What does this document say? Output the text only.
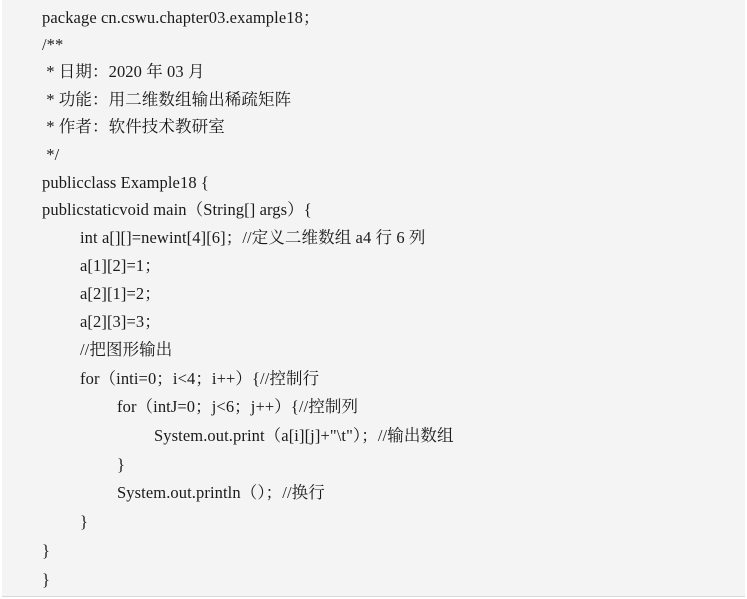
package cn.cswu.chapter03.example18；
/**
* 日期：2020 年 03 月
* 功能：用二维数组输出稀疏矩阵
* 作者：软件技术教研室
*/
publicclass Example18 {
publicstaticvoid main（String[] args）{
int a[][]=newint[4][6]；//定义二维数组 a4 行 6 列
a[1][2]=1；
a[2][1]=2；
a[2][3]=3；
//把图形输出
for（inti=0；i<4；i++）{//控制行
for（intJ=0；j<6；j++）{//控制列
System.out.print（a[i][j]+"\t"）；//输出数组
}
System.out.println（）；//换行
}
}
}
